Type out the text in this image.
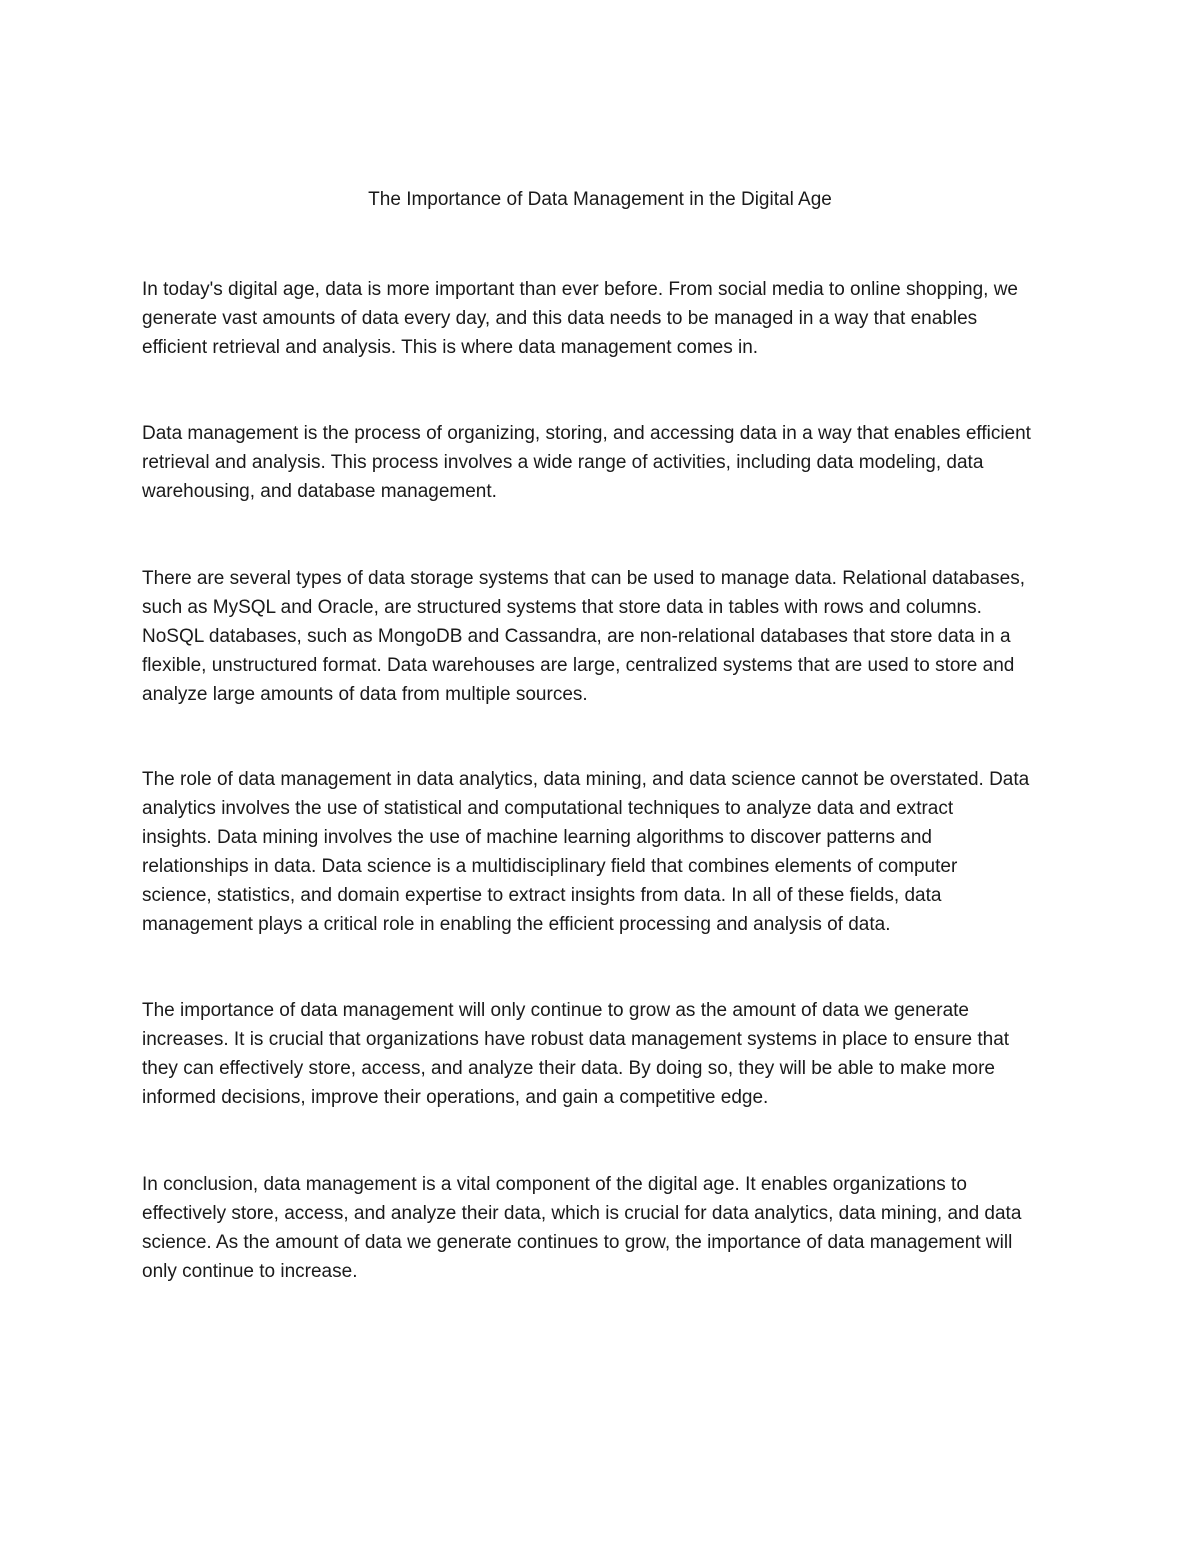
The Importance of Data Management in the Digital Age

In today's digital age, data is more important than ever before. From social media to online shopping, we
generate vast amounts of data every day, and this data needs to be managed in a way that enables
efficient retrieval and analysis. This is where data management comes in.

Data management is the process of organizing, storing, and accessing data in a way that enables efficient
retrieval and analysis. This process involves a wide range of activities, including data modeling, data
warehousing, and database management.

There are several types of data storage systems that can be used to manage data. Relational databases,
such as MySQL and Oracle, are structured systems that store data in tables with rows and columns.
NoSQL databases, such as MongoDB and Cassandra, are non-relational databases that store data in a
flexible, unstructured format. Data warehouses are large, centralized systems that are used to store and
analyze large amounts of data from multiple sources.

The role of data management in data analytics, data mining, and data science cannot be overstated. Data
analytics involves the use of statistical and computational techniques to analyze data and extract
insights. Data mining involves the use of machine learning algorithms to discover patterns and
relationships in data. Data science is a multidisciplinary field that combines elements of computer
science, statistics, and domain expertise to extract insights from data. In all of these fields, data
management plays a critical role in enabling the efficient processing and analysis of data.

The importance of data management will only continue to grow as the amount of data we generate
increases. It is crucial that organizations have robust data management systems in place to ensure that
they can effectively store, access, and analyze their data. By doing so, they will be able to make more
informed decisions, improve their operations, and gain a competitive edge.

In conclusion, data management is a vital component of the digital age. It enables organizations to
effectively store, access, and analyze their data, which is crucial for data analytics, data mining, and data
science. As the amount of data we generate continues to grow, the importance of data management will
only continue to increase.
